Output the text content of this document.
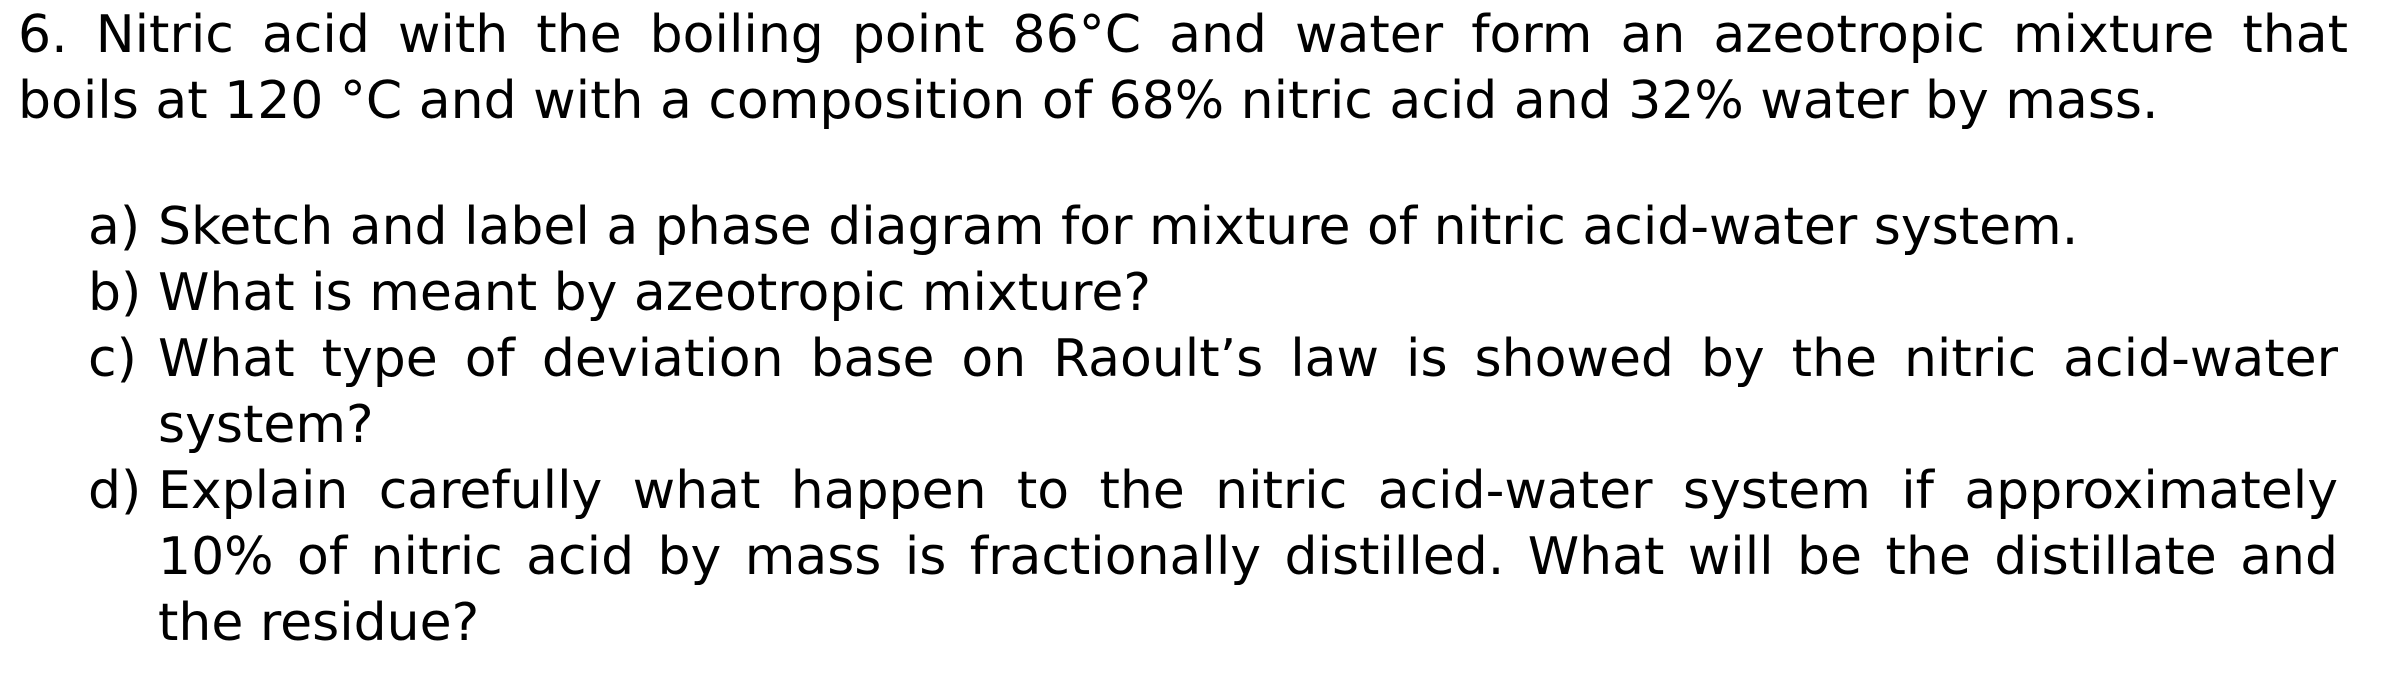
6. Nitric acid with the boiling point 86°C and water form an azeotropic mixture that
boils at 120 °C and with a composition of 68% nitric acid and 32% water by mass.
a) Sketch and label a phase diagram for mixture of nitric acid-water system.
b) What is meant by azeotropic mixture?
c) What type of deviation base on Raoult’s law is showed by the nitric acid-water
system?
d) Explain carefully what happen to the nitric acid-water system if approximately
10% of nitric acid by mass is fractionally distilled. What will be the distillate and
the residue?
